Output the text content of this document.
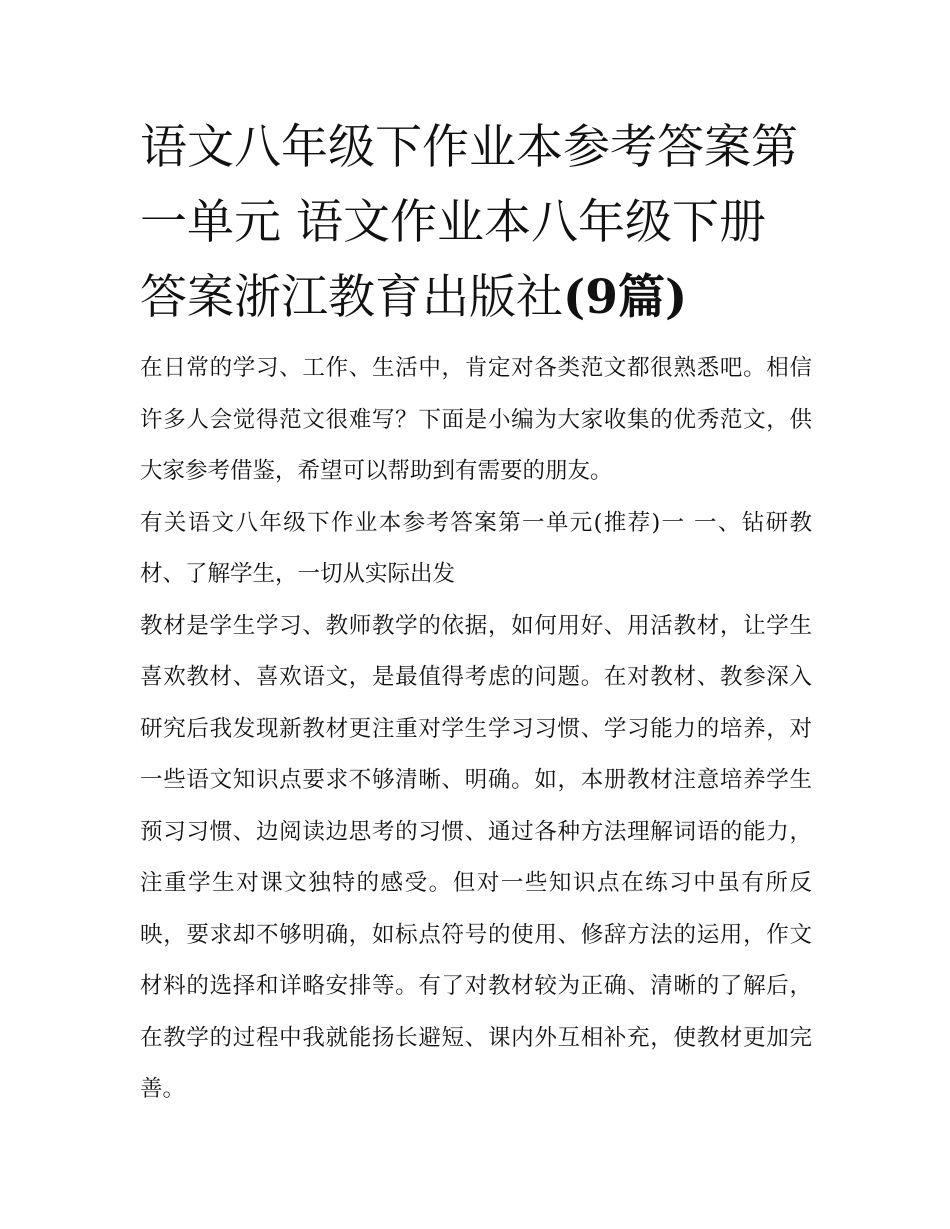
语文八年级下作业本参考答案第一单元 语文作业本八年级下册答案浙江教育出版社(9篇)

在日常的学习、工作、生活中，肯定对各类范文都很熟悉吧。相信许多人会觉得范文很难写？下面是小编为大家收集的优秀范文，供大家参考借鉴，希望可以帮助到有需要的朋友。

有关语文八年级下作业本参考答案第一单元(推荐)一 一、钻研教材、了解学生，一切从实际出发

教材是学生学习、教师教学的依据，如何用好、用活教材，让学生喜欢教材、喜欢语文，是最值得考虑的问题。在对教材、教参深入研究后我发现新教材更注重对学生学习习惯、学习能力的培养，对一些语文知识点要求不够清晰、明确。如，本册教材注意培养学生预习习惯、边阅读边思考的习惯、通过各种方法理解词语的能力，注重学生对课文独特的感受。但对一些知识点在练习中虽有所反映，要求却不够明确，如标点符号的使用、修辞方法的运用，作文材料的选择和详略安排等。有了对教材较为正确、清晰的了解后，在教学的过程中我就能扬长避短、课内外互相补充，使教材更加完善。
